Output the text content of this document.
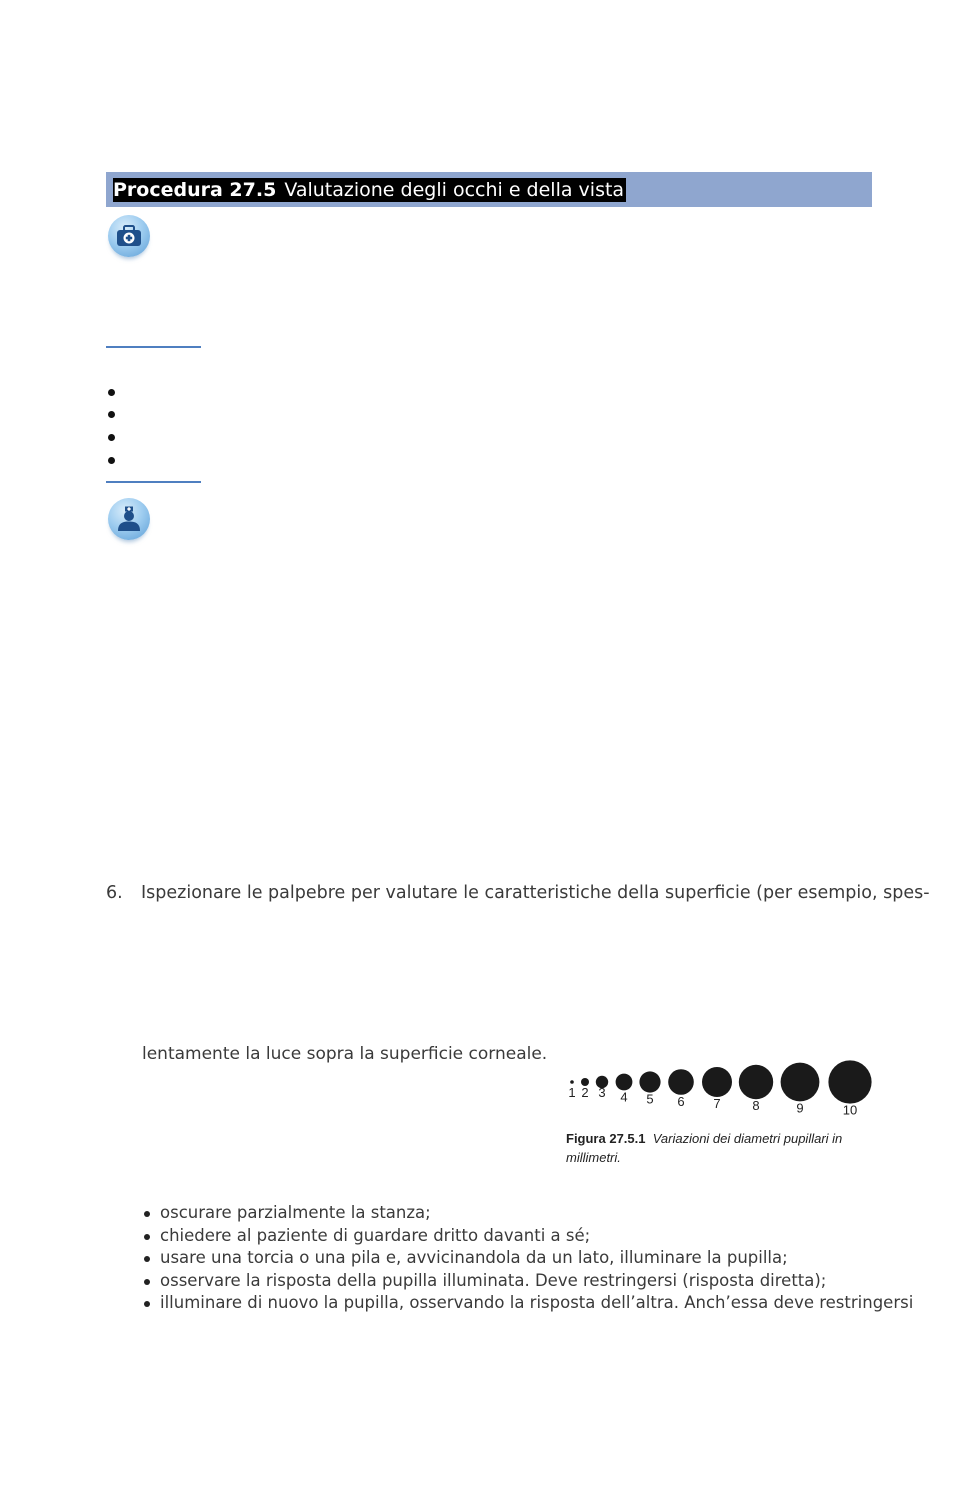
Procedura 27.5 Valutazione degli occhi e della vista
6. Ispezionare le palpebre per valutare le caratteristiche della superficie (per esempio, spes-
lentamente la luce sopra la superficie corneale.
1 2 3 4 5 6 7 8	9	10
Figura 27.5.1 Variazioni dei diametri pupillari in millimetri.
oscurare parzialmente la stanza;
chiedere al paziente di guardare dritto davanti a sé;
usare una torcia o una pila e, avvicinandola da un lato, illuminare la pupilla;
osservare la risposta della pupilla illuminata. Deve restringersi (risposta diretta);
illuminare di nuovo la pupilla, osservando la risposta dell’altra. Anch’essa deve restringersi
